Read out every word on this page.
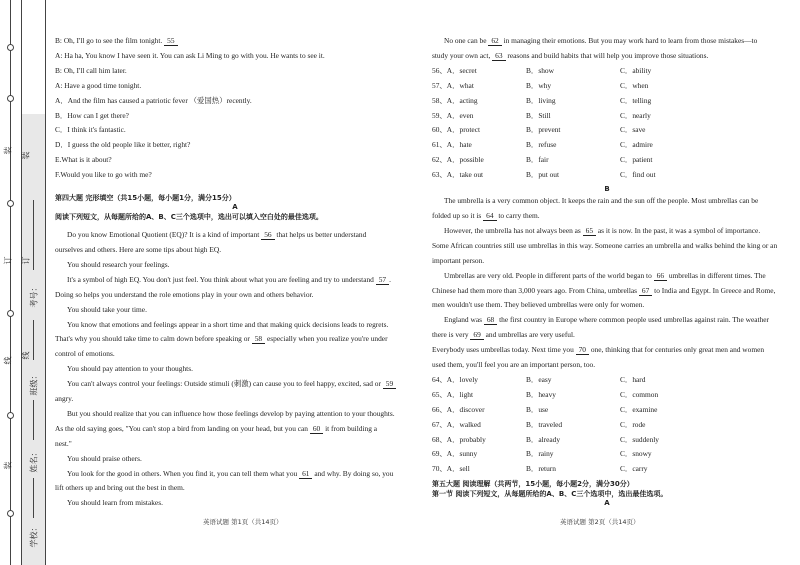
装
订
线
装
装
订
线
考号：
班级：
姓名：
学校：
B: Oh, I'll go to see the film tonight. 55
A: Ha ha, You know I have seen it. You can ask Li Ming to go with you. He wants to see it.
B: Oh, I'll call him later.
A: Have a good time tonight.
A．And the film has caused a patriotic fever （爱国热）recently.
B．How can I get there?
C．I think it's fantastic.
D．I guess the old people like it better, right?
E.What is it about?
F.Would you like to go with me?
第四大题 完形填空（共15小题，每小题1分，满分15分）
A
阅读下列短文，从每题所给的A、B、C三个选项中，选出可以填入空白处的最佳选项。
Do you know Emotional Quotient (EQ)? It is a kind of important 56 that helps us better understand
ourselves and others. Here are some tips about high EQ.
You should research your feelings.
It's a symbol of high EQ. You don't just feel. You think about what you are feeling and try to understand 57 .
Doing so helps you understand the role emotions play in your own and others behavior.
You should take your time.
You know that emotions and feelings appear in a short time and that making quick decisions leads to regrets.
That's why you should take time to calm down before speaking or 58 especially when you realize you're under
control of emotions.
You should pay attention to your thoughts.
You can't always control your feelings: Outside stimuli (刺激) can cause you to feel happy, excited, sad or 59
angry.
But you should realize that you can influence how those feelings develop by paying attention to your thoughts.
As the old saying goes, "You can't stop a bird from landing on your head, but you can 60 it from building a
nest."
You should praise others.
You look for the good in others. When you find it, you can tell them what you 61 and why. By doing so, you
lift others up and bring out the best in them.
You should learn from mistakes.
英语试题 第1页（共14页）
No one can be 62 in managing their emotions. But you may work hard to learn from those mistakes—to
study your own act, 63 reasons and build habits that will help you improve those situations.
56、A．secret	B．show	C．ability
57、A．what	B．why	C．when
58、A．acting	B．living	C．telling
59、A．even	B．Still	C．nearly
60、A．protect	B．prevent	C．save
61、A．hate	B．refuse	C．admire
62、A．possible	B．fair	C．patient
63、A．take out	B．put out	C．find out
B
The umbrella is a very common object. It keeps the rain and the sun off the people. Most umbrellas can be
folded up so it is 64 to carry them.
However, the umbrella has not always been as 65 as it is now. In the past, it was a symbol of importance.
Some African countries still use umbrellas in this way. Someone carries an umbrella and walks behind the king or an
important person.
Umbrellas are very old. People in different parts of the world began to 66 umbrellas in different times. The
Chinese had them more than 3,000 years ago. From China, umbrellas 67 to India and Egypt. In Greece and Rome,
men wouldn't use them. They believed umbrellas were only for women.
England was 68 the first country in Europe where common people used umbrellas against rain. The weather
there is very 69 and umbrellas are very useful.
Everybody uses umbrellas today. Next time you 70 one, thinking that for centuries only great men and women
used them, you'll feel you are an important person, too.
64、A．lovely	B．easy	C．hard
65、A．light	B．heavy	C．common
66、A．discover	B．use	C．examine
67、A．walked	B．traveled	C．rode
68、A．probably	B．already	C．suddenly
69、A．sunny	B．rainy	C．snowy
70、A．sell	B．return	C．carry
第五大题 阅读理解（共两节，15小题，每小题2分，满分30分）
第一节 阅读下列短文，从每题所给的A、B、C三个选项中，选出最佳选项。
A
英语试题 第2页（共14页）
